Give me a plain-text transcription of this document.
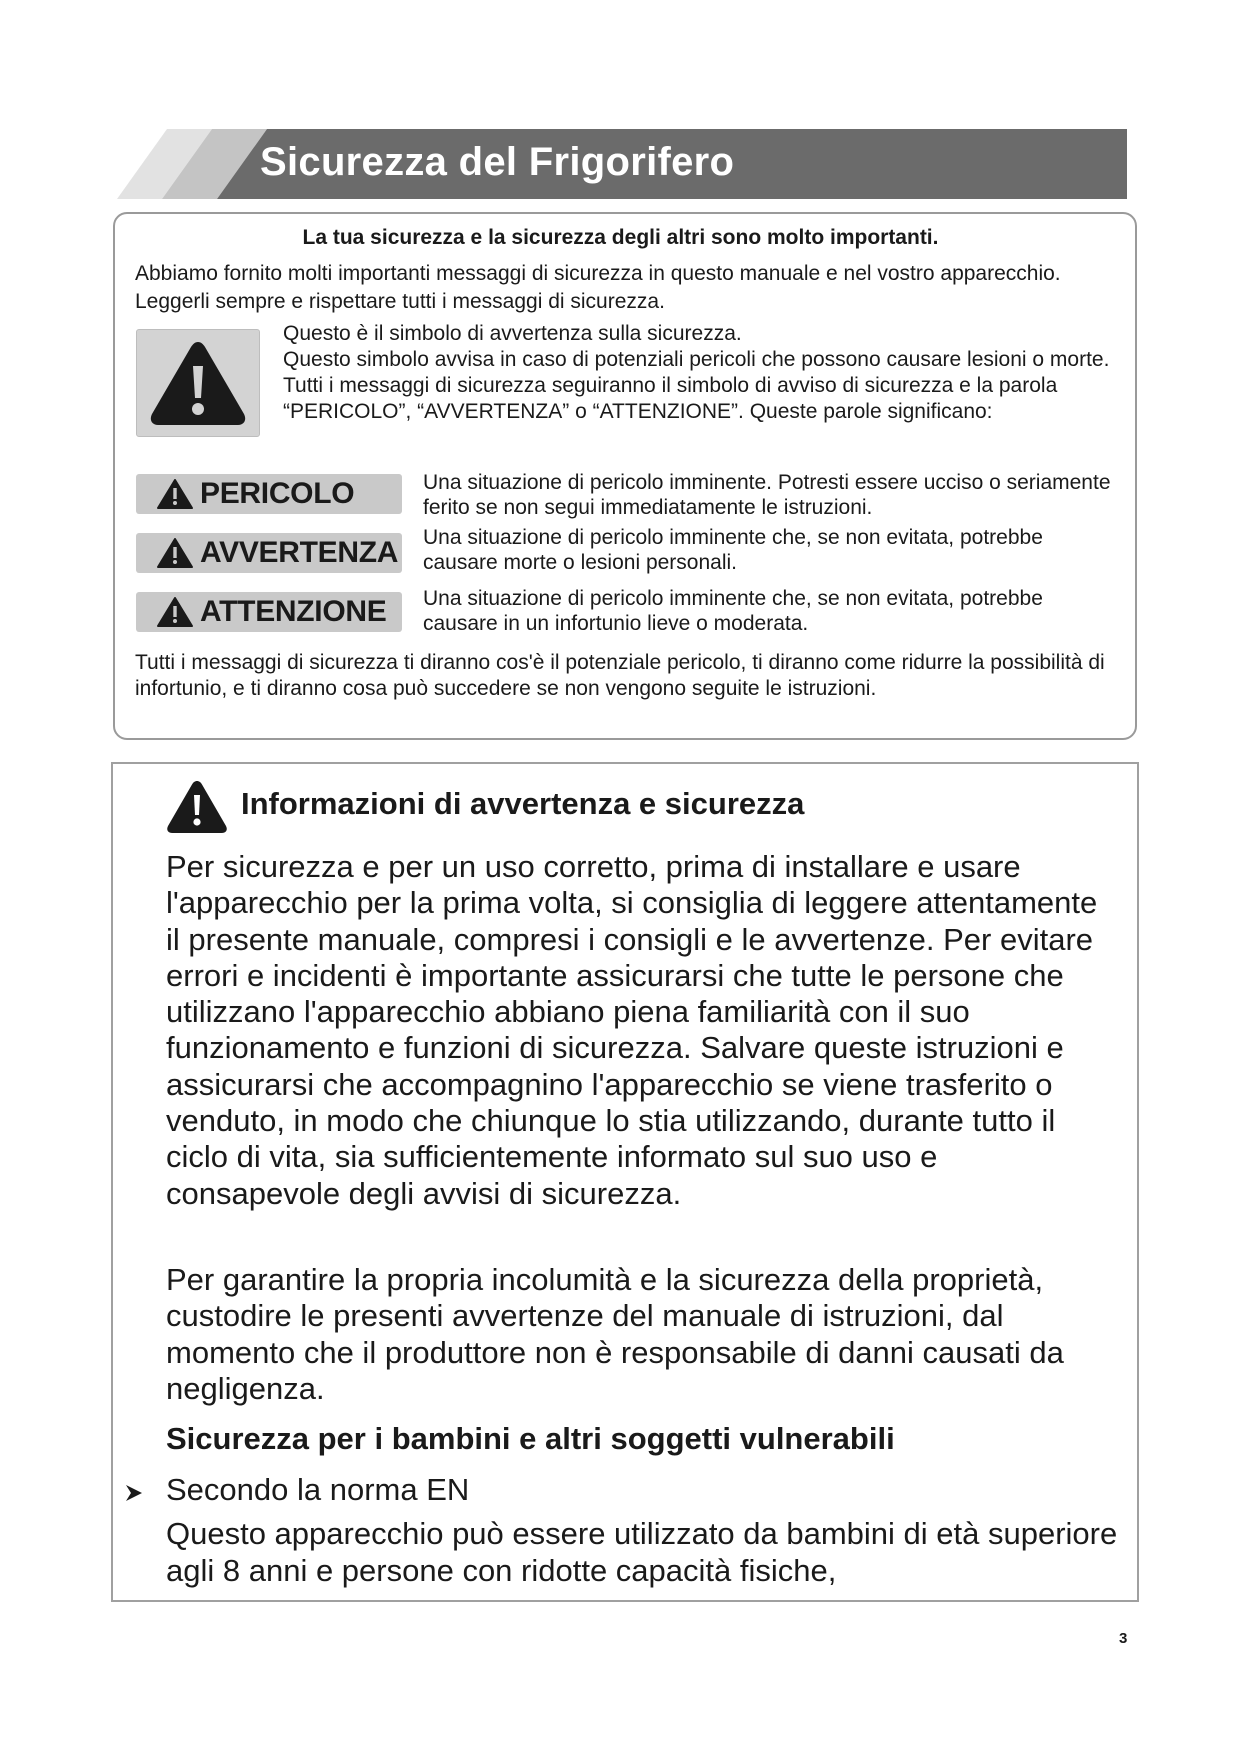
Sicurezza del Frigorifero
La tua sicurezza e la sicurezza degli altri sono molto importanti.
Abbiamo fornito molti importanti messaggi di sicurezza in questo manuale e nel vostro apparecchio. Leggerli sempre e rispettare tutti i messaggi di sicurezza.
Questo è il simbolo di avvertenza sulla sicurezza.
Questo simbolo avvisa in caso di potenziali pericoli che possono causare lesioni o morte. Tutti i messaggi di sicurezza seguiranno il simbolo di avviso di sicurezza e la parola “PERICOLO”, “AVVERTENZA” o “ATTENZIONE”. Queste parole significano:
PERICOLO	Una situazione di pericolo imminente. Potresti essere ucciso o seriamente ferito se non segui immediatamente le istruzioni.
AVVERTENZA Una situazione di pericolo imminente che, se non evitata, potrebbe causare morte o lesioni personali.
ATTENZIONE Una situazione di pericolo imminente che, se non evitata, potrebbe causare in un infortunio lieve o moderata.
Tutti i messaggi di sicurezza ti diranno cos'è il potenziale pericolo, ti diranno come ridurre la possibilità di infortunio, e ti diranno cosa può succedere se non vengono seguite le istruzioni.
Informazioni di avvertenza e sicurezza
Per sicurezza e per un uso corretto, prima di installare e usare l'apparecchio per la prima volta, si consiglia di leggere attentamente il presente manuale, compresi i consigli e le avvertenze. Per evitare errori e incidenti è importante assicurarsi che tutte le persone che utilizzano l'apparecchio abbiano piena familiarità con il suo funzionamento e funzioni di sicurezza. Salvare queste istruzioni e assicurarsi che accompagnino l'apparecchio se viene trasferito o venduto, in modo che chiunque lo stia utilizzando, durante tutto il ciclo di vita, sia sufficientemente informato sul suo uso e consapevole degli avvisi di sicurezza.
Per garantire la propria incolumità e la sicurezza della proprietà, custodire le presenti avvertenze del manuale di istruzioni, dal momento che il produttore non è responsabile di danni causati da negligenza.
Sicurezza per i bambini e altri soggetti vulnerabili
Secondo la norma EN
Questo apparecchio può essere utilizzato da bambini di età superiore agli 8 anni e persone con ridotte capacità fisiche,
3
